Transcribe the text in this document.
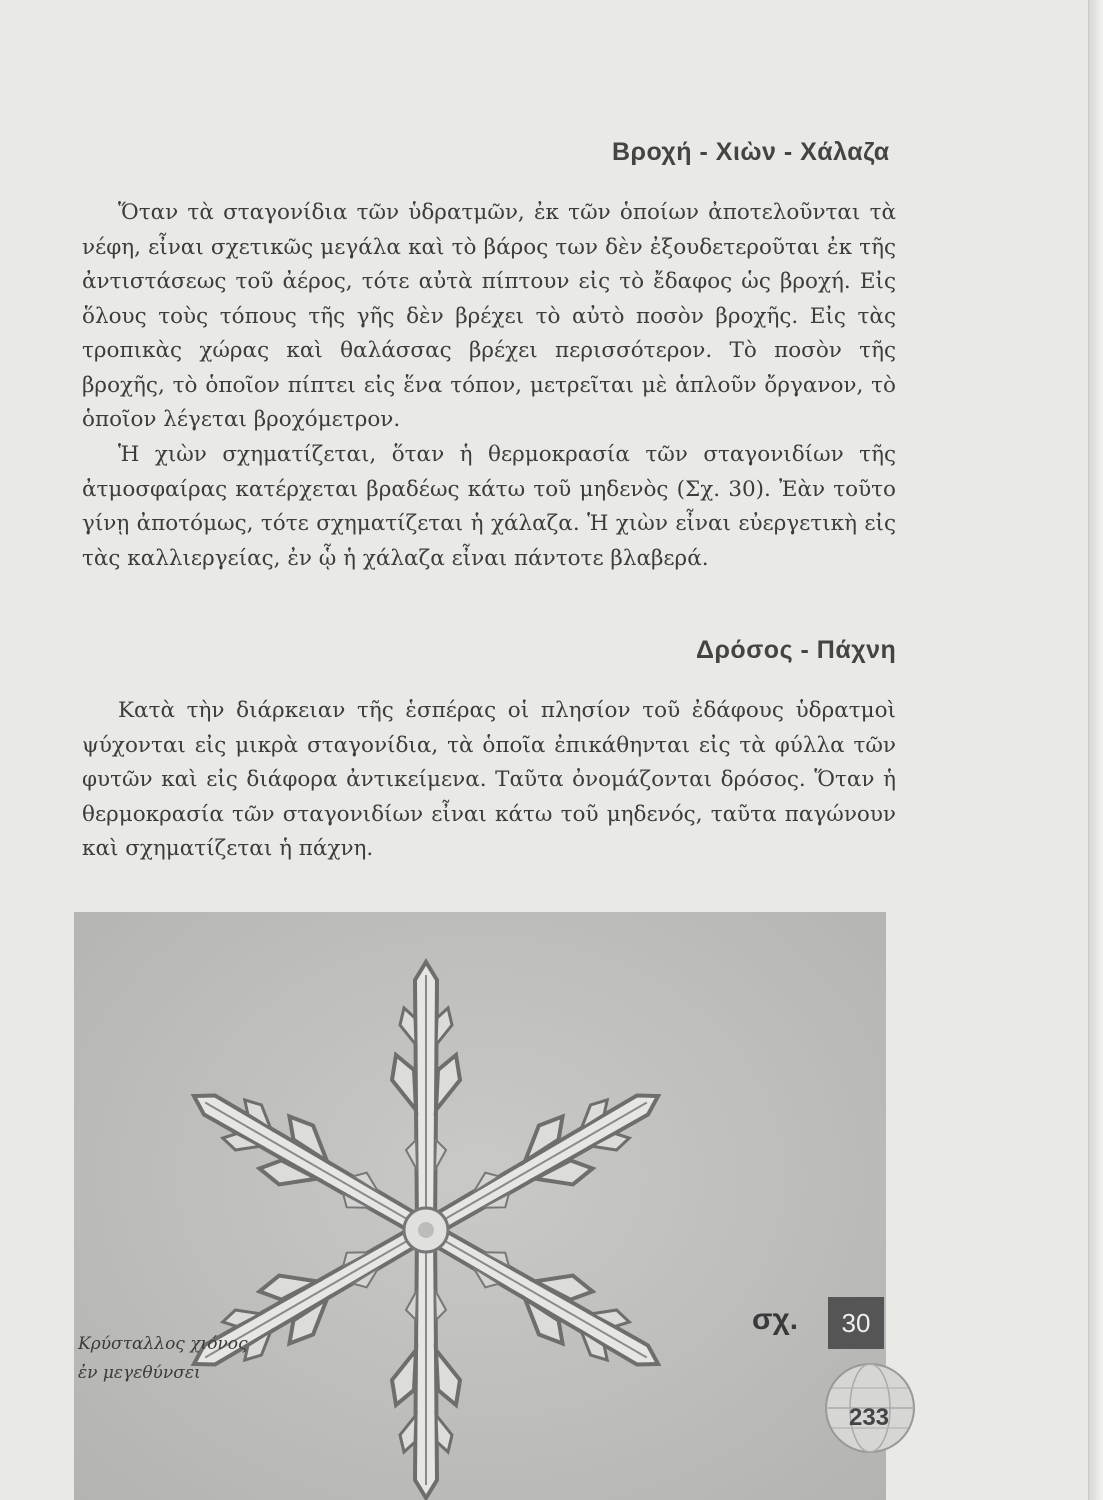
Βροχή - Χιὼν - Χάλαζα

Ὅταν τὰ σταγονίδια τῶν ὑδρατμῶν, ἐκ τῶν ὁποίων ἀποτελοῦνται τὰ νέφη, εἶναι σχετικῶς μεγάλα καὶ τὸ βάρος των δὲν ἐξουδετεροῦται ἐκ τῆς ἀντιστάσεως τοῦ ἀέρος, τότε αὐτὰ πίπτουν εἰς τὸ ἔδαφος ὡς βροχή. Εἰς ὅλους τοὺς τόπους τῆς γῆς δὲν βρέχει τὸ αὐτὸ ποσὸν βροχῆς. Εἰς τὰς τροπικὰς χώρας καὶ θαλάσσας βρέχει περισσότερον. Τὸ ποσὸν τῆς βροχῆς, τὸ ὁποῖον πίπτει εἰς ἕνα τόπον, μετρεῖται μὲ ἁπλοῦν ὄργανον, τὸ ὁποῖον λέγεται βροχόμετρον.

Ἡ χιὼν σχηματίζεται, ὅταν ἡ θερμοκρασία τῶν σταγονιδίων τῆς ἀτμοσφαίρας κατέρχεται βραδέως κάτω τοῦ μηδενὸς (Σχ. 30). Ἐὰν τοῦτο γίνῃ ἀποτόμως, τότε σχηματίζεται ἡ χάλαζα. Ἡ χιὼν εἶναι εὐεργετικὴ εἰς τὰς καλλιεργείας, ἐν ᾧ ἡ χάλαζα εἶναι πάντοτε βλαβερά.

Δρόσος - Πάχνη

Κατὰ τὴν διάρκειαν τῆς ἑσπέρας οἱ πλησίον τοῦ ἐδάφους ὑδρατμοὶ ψύχονται εἰς μικρὰ σταγονίδια, τὰ ὁποῖα ἐπικάθηνται εἰς τὰ φύλλα τῶν φυτῶν καὶ εἰς διάφορα ἀντικείμενα. Ταῦτα ὀνομάζονται δρόσος. Ὅταν ἡ θερμοκρασία τῶν σταγονιδίων εἶναι κάτω τοῦ μηδενός, ταῦτα παγώνουν καὶ σχηματίζεται ἡ πάχνη.

Κρύσταλλος χιόνος
ἐν μεγεθύνσει
σχ.	30
233
